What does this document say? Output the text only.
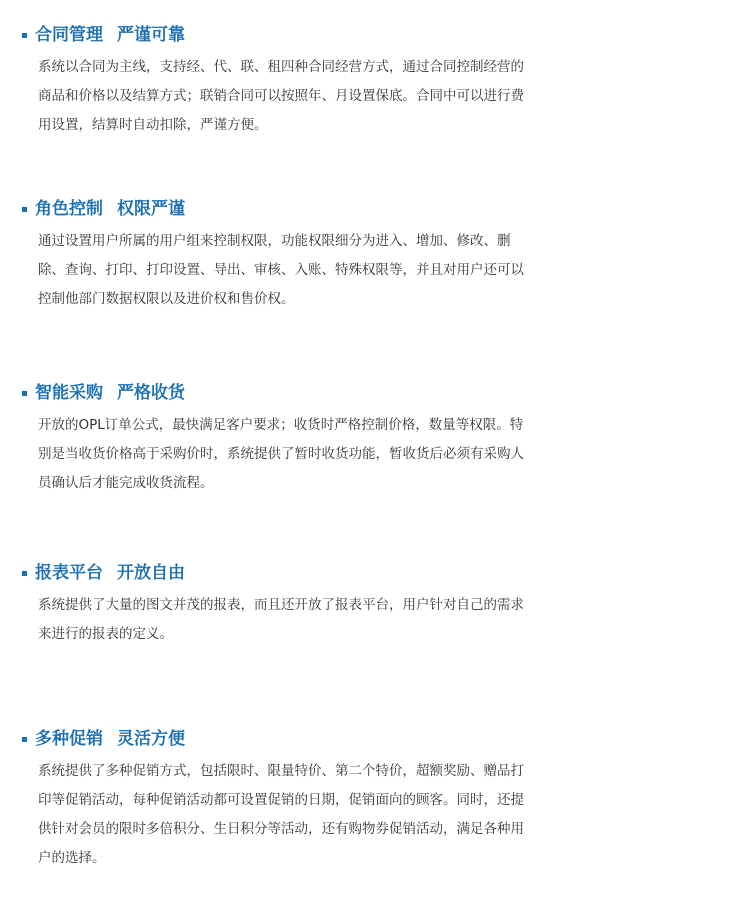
合同管理 严谨可靠
系统以合同为主线，支持经、代、联、租四种合同经营方式，通过合同控制经营的
商品和价格以及结算方式；联销合同可以按照年、月设置保底。合同中可以进行费
用设置，结算时自动扣除，严谨方便。
角色控制 权限严谨
通过设置用户所属的用户组来控制权限，功能权限细分为进入、增加、修改、删
除、查询、打印、打印设置、导出、审核、入账、特殊权限等，并且对用户还可以
控制他部门数据权限以及进价权和售价权。
智能采购 严格收货
开放的OPL订单公式，最快满足客户要求；收货时严格控制价格，数量等权限。特
别是当收货价格高于采购价时，系统提供了暂时收货功能，暂收货后必须有采购人
员确认后才能完成收货流程。
报表平台 开放自由
系统提供了大量的图文并茂的报表，而且还开放了报表平台，用户针对自己的需求
来进行的报表的定义。
多种促销 灵活方便
系统提供了多种促销方式，包括限时、限量特价、第二个特价，超额奖励、赠品打
印等促销活动，每种促销活动都可设置促销的日期，促销面向的顾客。同时，还提
供针对会员的限时多倍积分、生日积分等活动，还有购物券促销活动，满足各种用
户的选择。
